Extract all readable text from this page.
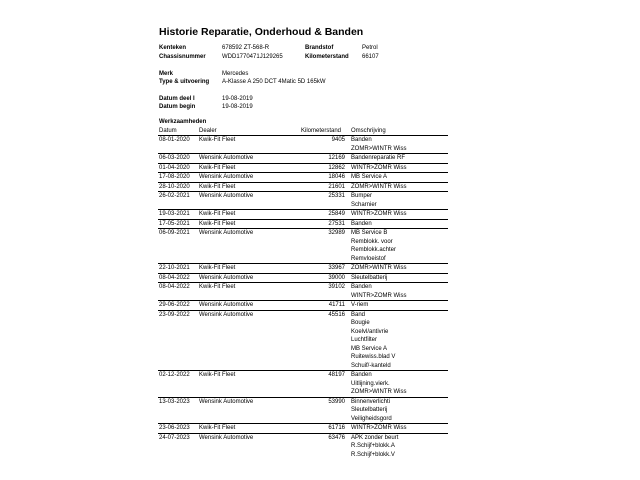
Historie Reparatie, Onderhoud & Banden
Kenteken	678592 ZT-568-R	Brandstof	Petrol
Chassisnummer	WDD1770471J129265	Kilometerstand 66107
Merk	Mercedes
Type & uitvoering A-Klasse A 250 DCT 4Matic 5D 165kW
Datum deel I	19-08-2019
Datum begin	19-08-2019
Werkzaamheden
Datum	Dealer	Kilometerstand	Omschrijving
08-01-2020	Kwik-Fit Fleet	9405	Banden
			ZOMR>WINTR Wiss
06-03-2020	Wensink Automotive	12169	Bandenreparatie RF
01-04-2020	Kwik-Fit Fleet	12862	WINTR>ZOMR Wiss
17-08-2020	Wensink Automotive	18046	MB Service A
28-10-2020	Kwik-Fit Fleet	21601	ZOMR>WINTR Wiss
26-02-2021	Wensink Automotive	25331	Bumper
			Scharnier
19-03-2021	Kwik-Fit Fleet	25849	WINTR>ZOMR Wiss
17-05-2021	Kwik-Fit Fleet	27531	Banden
06-09-2021	Wensink Automotive	32989	MB Service B
			Remblokk. voor
			Remblokk.achter
			Remvloeistof
22-10-2021	Kwik-Fit Fleet	33967	ZOMR>WINTR Wiss
08-04-2022	Wensink Automotive	39000	Sleutelbatterij
08-04-2022	Kwik-Fit Fleet	39102	Banden
			WINTR>ZOMR Wiss
29-06-2022	Wensink Automotive	41711	V-riem
23-09-2022	Wensink Automotive	45516	Band
			Bougie
			Koelvl/antivrie
			Luchtfilter
			MB Service A
			Ruitewiss.blad V
			Schuif/-kanteld
02-12-2022	Kwik-Fit Fleet	48197	Banden
			Uitlijning.vierk.
			ZOMR>WINTR Wiss
13-03-2023	Wensink Automotive	53990	Binnenverlichti
			Sleutelbatterij
			Veiligheidsgord
23-06-2023	Kwik-Fit Fleet	61716	WINTR>ZOMR Wiss
24-07-2023	Wensink Automotive	63476	APK zonder beurt
			R.Schijf+blokk.A
			R.Schijf+blokk.V
